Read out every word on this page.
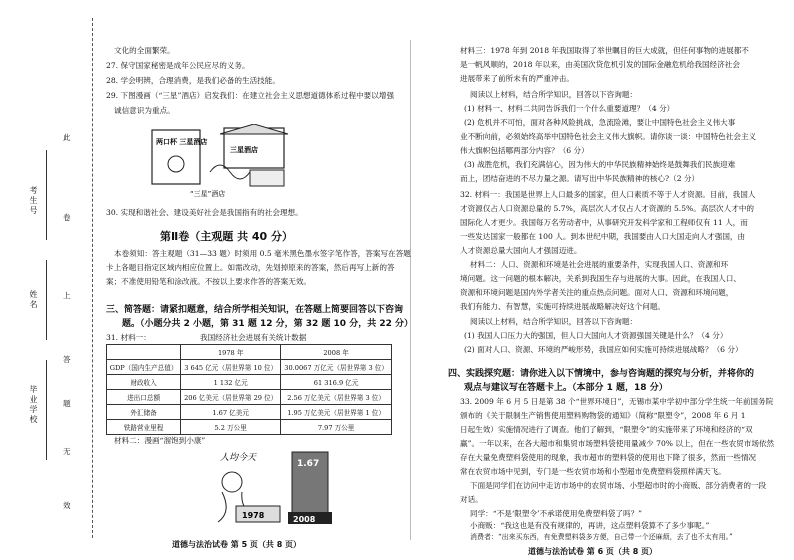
考生号
姓名
毕业学校
此
卷
上
答
题
无
效
文化的全面繁荣。
27. 保守国家秘密是成年公民应尽的义务。
28. 学会明辨，合理消费，是我们必备的生活技能。
29. 下图漫画（“三星”酒店）启发我们：在建立社会主义思想道德体系过程中要以增强
诚信意识为重点。
两口杯 三星酒店
三星酒店
“三星”酒店
30. 实现和谐社会、建设美好社会是我国指有的社会理想。
第Ⅱ卷（主观题 共 40 分）
本卷须知：答主观题（31—33 题）时须用 0.5 毫米黑色墨水签字笔作答，答案写在答题
卡上各题目指定区域内相应位置上。如需改动，先划掉原来的答案，然后再写上新的答
案；不准使用铅笔和涂改液。不按以上要求作答的答案无效。
三、简答题：请紧扣题意，结合所学相关知识，在答题上简要回答以下咨询
题。（小题分共 2 小题，第 31 题 12 分，第 32 题 10 分，共 22 分）
31. 材料一：	我国经济社会进展有关统计数据
	1978 年	2008 年
GDP（国内生产总值）	3 645 亿元（居世界第 10 位）	30.0067 万亿元（居世界第 3 位）
财政收入	1 132 亿元	61 316.9 亿元
进出口总额	206 亿美元（居世界第 29 位）	2.56 万亿美元（居世界第 3 位）
外汇储备	1.67 亿美元	1.95 万亿美元（居世界第 1 位）
铁路营业里程	5.2 万公里	7.97 万公里
材料二：漫画“溜饱到小康”
人均今天
1978
1.67
2008
道德与法治试卷 第 5 页（共 8 页）
材料三：1978 年到 2018 年我国取得了举世瞩目的巨大成就，但任何事物的进展都不
是一帆风顺的，2018 年以来，由美国次贷危机引发的国际金融危机给我国经济社会
进展带来了前所未有的严重冲击。
阅读以上材料，结合所学知识，回答以下咨询题：
(1) 材料一、材料二共同告诉我们一个什么重要道理？（4 分）
(2) 危机并不可怕，面对各种风险挑战，急流险滩，要让中国特色社会主义伟大事
业不断向前，必须始终高举中国特色社会主义伟大旗帜。请你谈一谈：中国特色社会主义
伟大旗帜包括哪两部分内容？（6 分）
(3) 战胜危机，我们充满信心，因为伟大的中华民族精神始终是鼓舞我们民族迎难
而上，团结奋进的不尽力量之源。请写出中华民族精神的核心?（2 分）
32. 材料一：我国是世界上人口最多的国家，但人口素质不等于人才资源。目前，我国人
才资源仅占人口资源总量的 5.7%，高层次人才仅占人才资源的 5.5%。高层次人才中的
国际化人才更少。我国每万名劳动者中，从事研究开发科学家和工程师仅有 11 人，而
一些发达国家一般都在 100 人。到本世纪中期，我国要由人口大国走向人才强国，由
人才资源总量大国向人才强国迈进。
材料二：人口、资源和环境是社会进展的重要条件，实现我国人口、资源和环
境问题。这一问题的根本解决，关系到我国生存与进展的大事。因此，在我国人口、
资源和环境问题是国内外学者关注的重点热点问题。面对人口、资源和环境问题，
我们有能力、有智慧，实施可持续进展战略解决好这个问题。
阅读以上材料，结合所学知识，回答以下咨询题：
(1) 我国人口压力大的强国，但人口大国向人才资源强国关键是什么？（4 分）
(2) 面对人口、资源、环境的严峻形势，我国应如何实施可持续进展战略？（6 分）
四、实践探究题：请你进入以下情境中，参与咨询题的探究与分析，并将你的
观点与建议写在答题卡上。（本部分 1 题，18 分）
33. 2009 年 6 月 5 日是第 38 个“世界环境日”，无锡市某中学初中部分学生统一年前国务院
颁布的《关于限制生产销售使用塑料购物袋的通知》（简称“限塑令”，2008 年 6 月 1
日起生效）实施情况进行了调查。他们了解到，“限塑令”的实施带来了环境和经济的“双
赢”。一年以来，在各大超市和集贸市场塑料袋使用量减少 70% 以上，但在一些农贸市场依然
存在大量免费塑料袋使用的现象，我市超市的塑料袋的使用也下降了很多，然而一些情况
常在农贸市场中见到，专门是一些农贸市场和小型超市免费塑料袋照样满天飞。
下面是同学们在访问中走访市场中的农贸市场、小型超市时的小商贩、部分消费者的一段
对话。
同学：“不是‘限塑令’不承诺使用免费塑料袋了吗？”
小商贩：“我这也是有没有规律的，再讲，这点塑料袋算不了多少事呢。”
消费者：“出来买东西，有免费塑料袋多方便，自己带一个还麻烦，去了也不太有用。”
道德与法治试卷 第 6 页（共 8 页）
